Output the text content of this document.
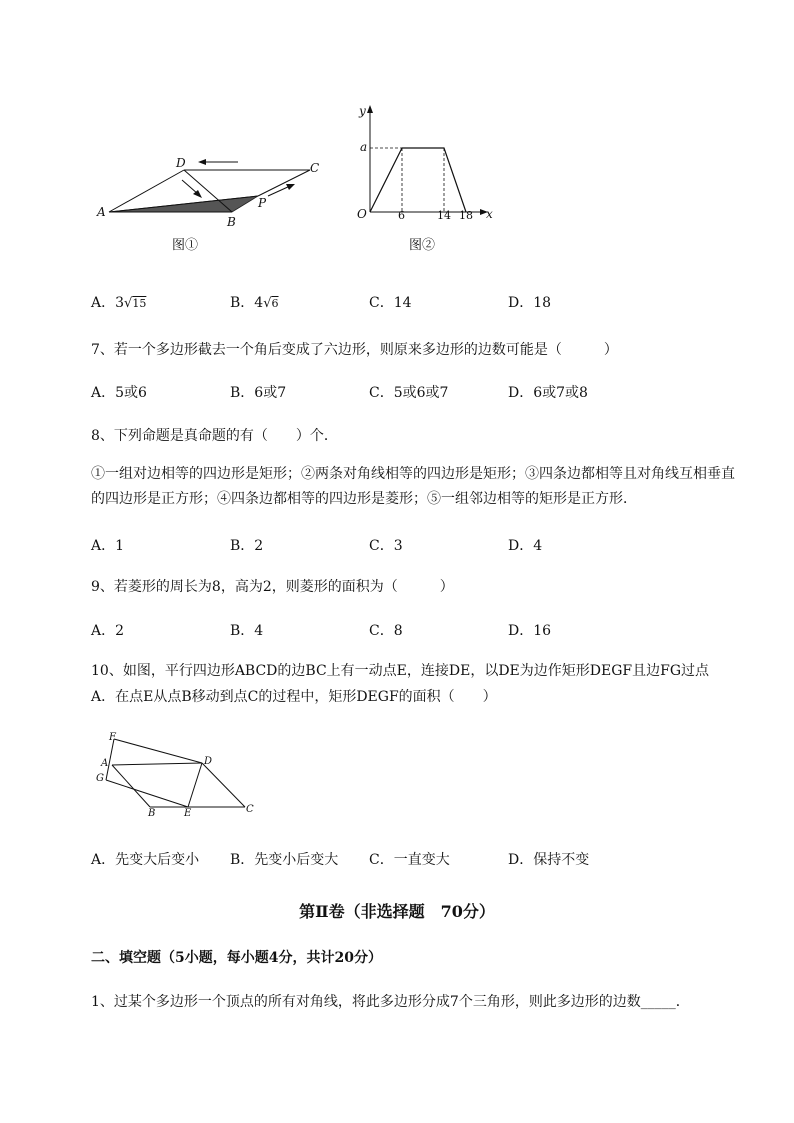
A
D	C
B
P
图①
y
a
O	x
6	14 18
图②
A．3√15	B．4√6	C．14	D．18
7、若一个多边形截去一个角后变成了六边形，则原来多边形的边数可能是（　　　）
A．5或6	B．6或7	C．5或6或7	D．6或7或8
8、下列命题是真命题的有（　　）个．
①一组对边相等的四边形是矩形；②两条对角线相等的四边形是矩形；③四条边都相等且对角线互相垂直的四边形是正方形；④四条边都相等的四边形是菱形；⑤一组邻边相等的矩形是正方形．
A．1	B．2	C．3	D．4
9、若菱形的周长为8，高为2，则菱形的面积为（　　　）
A．2	B．4	C．8	D．16
10、如图，平行四边形ABCD的边BC上有一动点E，连接DE，以DE为边作矩形DEGF且边FG过点
A．在点E从点B移动到点C的过程中，矩形DEGF的面积（　　）
F
A
G
B	E
D
C
A．先变大后变小 B．先变小后变大 C．一直变大	D．保持不变
第Ⅱ卷（非选择题　70分）
二、填空题（5小题，每小题4分，共计20分）
1、过某个多边形一个顶点的所有对角线，将此多边形分成7个三角形，则此多边形的边数_____．
